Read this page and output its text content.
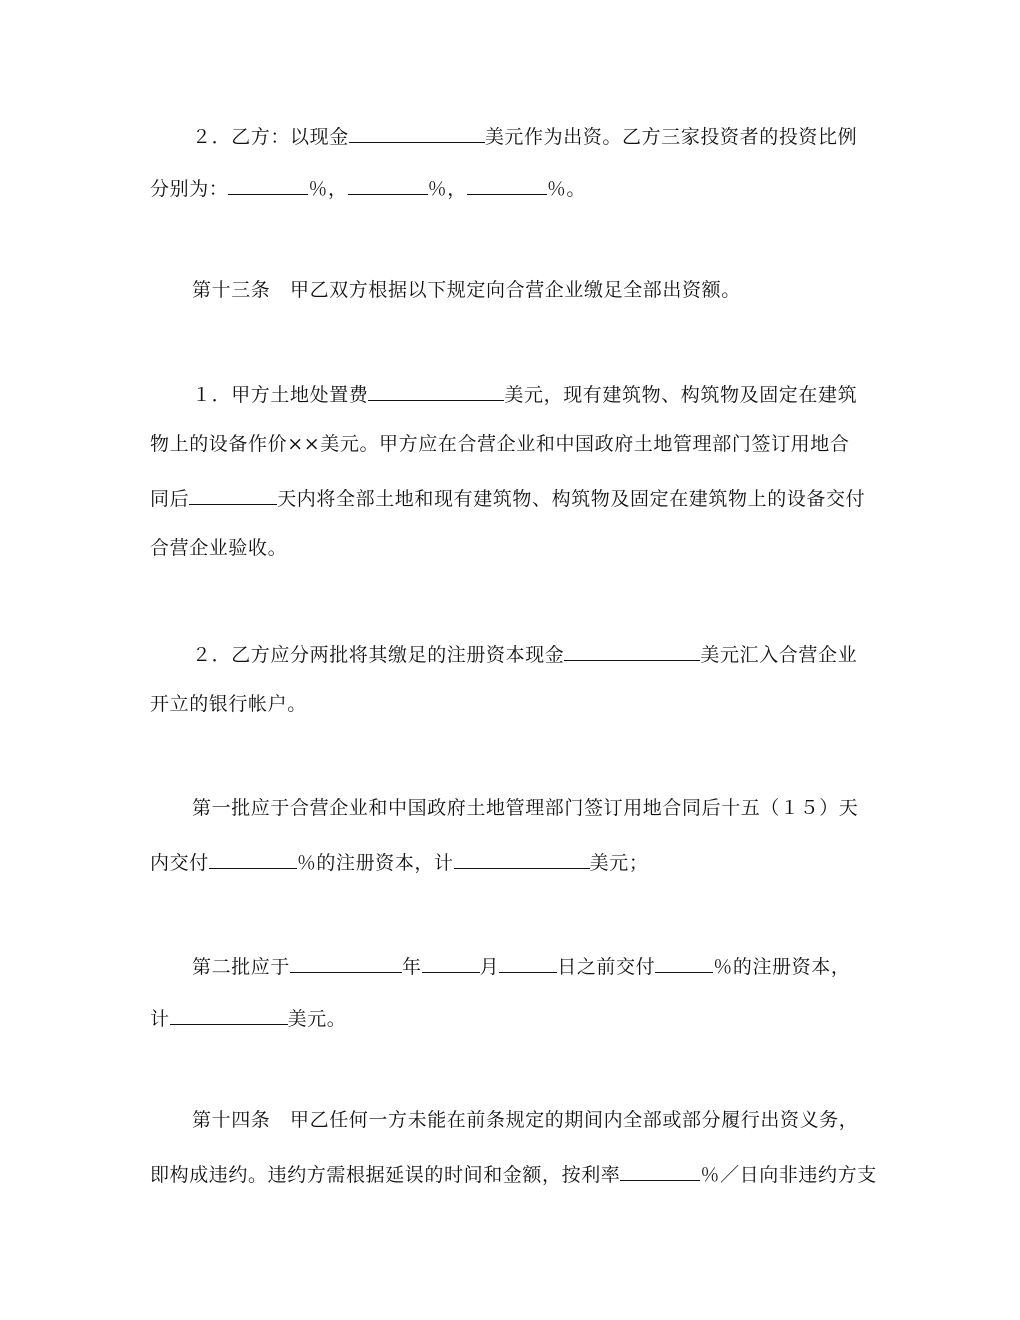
２．乙方：以现金	美元作为出资。乙方三家投资者的投资比例
分别为：	％，	％，	％。
第十三条　甲乙双方根据以下规定向合营企业缴足全部出资额。
１．甲方土地处置费	美元，现有建筑物、构筑物及固定在建筑
物上的设备作价××美元。甲方应在合营企业和中国政府土地管理部门签订用地合
同后	天内将全部土地和现有建筑物、构筑物及固定在建筑物上的设备交付
合营企业验收。
２．乙方应分两批将其缴足的注册资本现金	美元汇入合营企业
开立的银行帐户。
第一批应于合营企业和中国政府土地管理部门签订用地合同后十五（１５）天
内交付	％的注册资本，计	美元；
第二批应于	年	月	日之前交付	％的注册资本，
计	美元。
第十四条　甲乙任何一方未能在前条规定的期间内全部或部分履行出资义务，
即构成违约。违约方需根据延误的时间和金额，按利率	％／日向非违约方支
